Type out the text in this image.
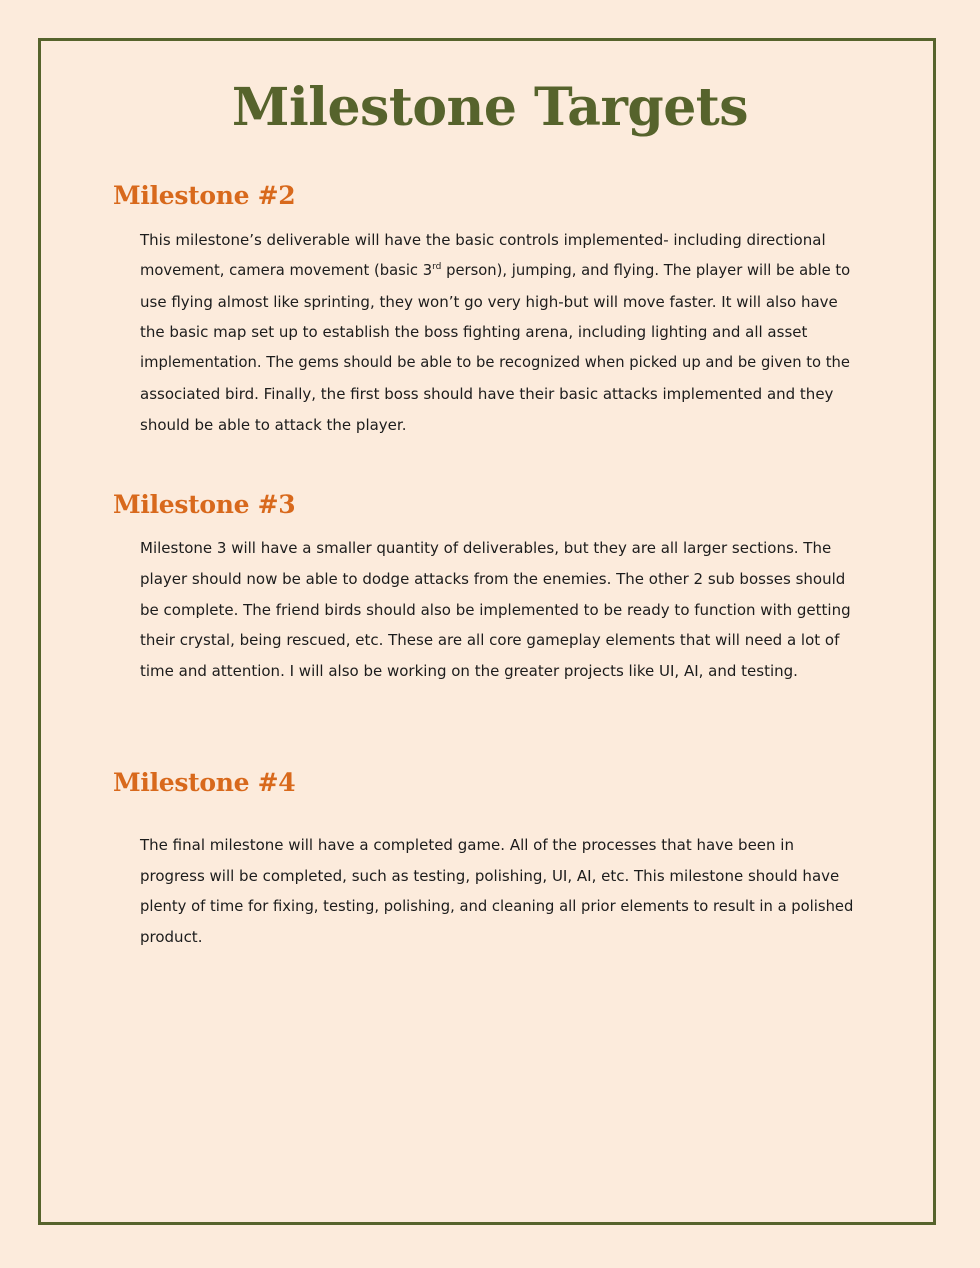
Milestone Targets
Milestone #2
This milestone’s deliverable will have the basic controls implemented- including directional
movement, camera movement (basic 3rd person), jumping, and flying. The player will be able to
use flying almost like sprinting, they won’t go very high-but will move faster. It will also have
the basic map set up to establish the boss fighting arena, including lighting and all asset
implementation. The gems should be able to be recognized when picked up and be given to the
associated bird. Finally, the first boss should have their basic attacks implemented and they
should be able to attack the player.
Milestone #3
Milestone 3 will have a smaller quantity of deliverables, but they are all larger sections. The
player should now be able to dodge attacks from the enemies. The other 2 sub bosses should
be complete. The friend birds should also be implemented to be ready to function with getting
their crystal, being rescued, etc. These are all core gameplay elements that will need a lot of
time and attention. I will also be working on the greater projects like UI, AI, and testing.
Milestone #4
The final milestone will have a completed game. All of the processes that have been in
progress will be completed, such as testing, polishing, UI, AI, etc. This milestone should have
plenty of time for fixing, testing, polishing, and cleaning all prior elements to result in a polished
product.
